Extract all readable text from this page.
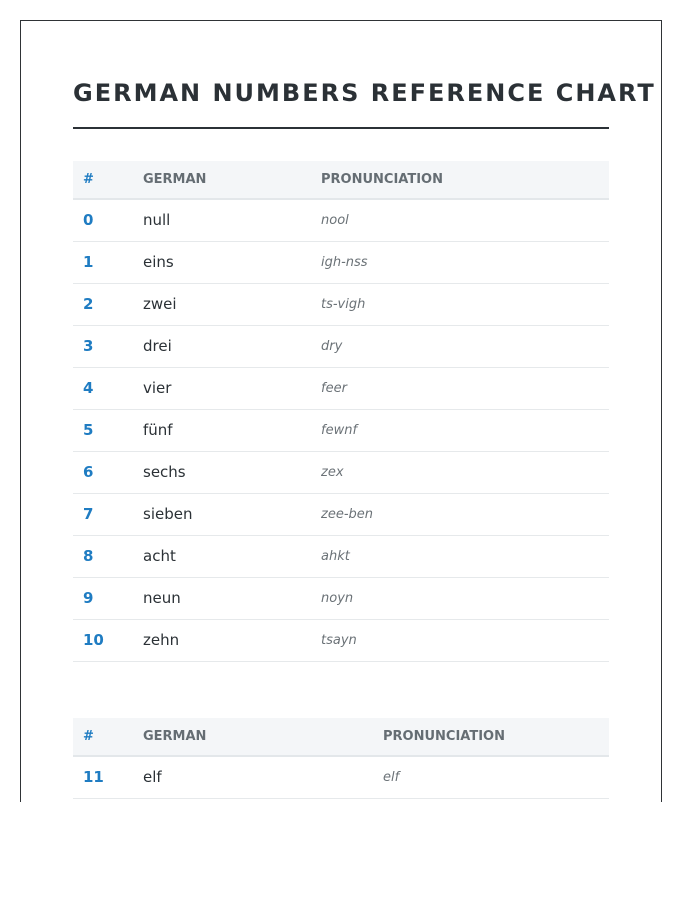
GERMAN NUMBERS REFERENCE CHART
#	GERMAN	PRONUNCIATION
0	null	nool
1	eins	igh-nss
2	zwei	ts-vigh
3	drei	dry
4	vier	feer
5	fünf	fewnf
6	sechs	zex
7	sieben	zee-ben
8	acht	ahkt
9	neun	noyn
10	zehn	tsayn
#	GERMAN	PRONUNCIATION
11	elf	elf
